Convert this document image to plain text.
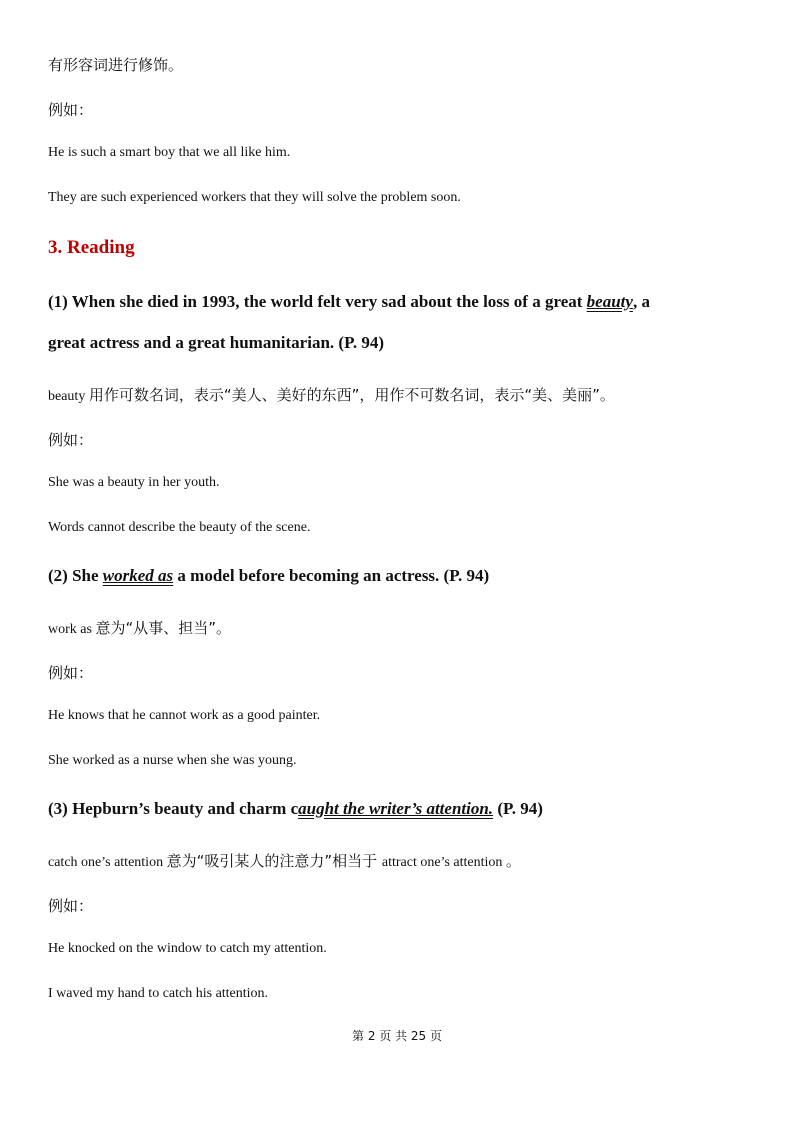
有形容词进行修饰。
例如：
He is such a smart boy that we all like him.
They are such experienced workers that they will solve the problem soon.
3. Reading
(1) When she died in 1993, the world felt very sad about the loss of a great beauty, a
great actress and a great humanitarian. (P. 94)
beauty 用作可数名词，表示“美人、美好的东西”，用作不可数名词，表示“美、美丽”。
例如：
She was a beauty in her youth.
Words cannot describe the beauty of the scene.
(2) She worked as a model before becoming an actress. (P. 94)
work as 意为“从事、担当”。
例如：
He knows that he cannot work as a good painter.
She worked as a nurse when she was young.
(3) Hepburn’s beauty and charm caught the writer’s attention. (P. 94)
catch one’s attention 意为“吸引某人的注意力”相当于 attract one’s attention 。
例如：
He knocked on the window to catch my attention.
I waved my hand to catch his attention.
第 2 页 共 25 页
